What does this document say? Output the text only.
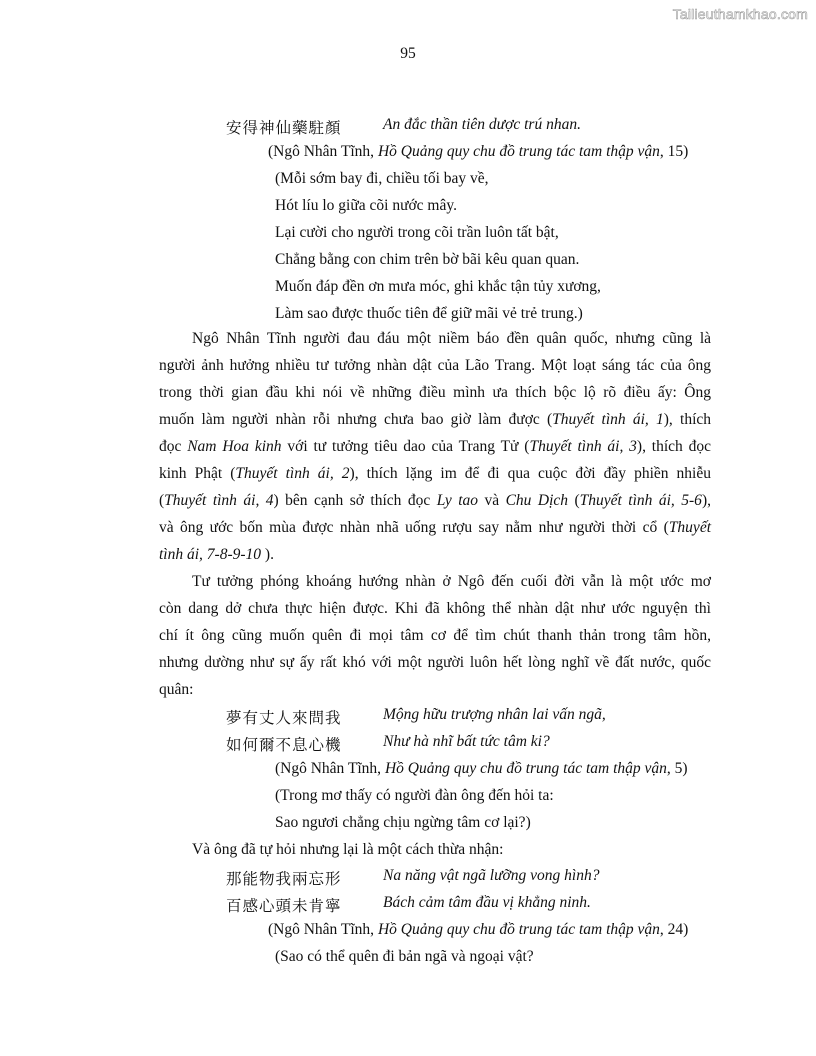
Tailieuthamkhao.com
95
安得神仙藥駐顏	An đắc thần tiên dược trú nhan.
(Ngô Nhân Tĩnh, Hồ Quảng quy chu đồ trung tác tam thập vận, 15)
(Mỗi sớm bay đi, chiều tối bay về,
Hót líu lo giữa cõi nước mây.
Lại cười cho người trong cõi trần luôn tất bật,
Chẳng bằng con chim trên bờ bãi kêu quan quan.
Muốn đáp đền ơn mưa móc, ghi khắc tận tủy xương,
Làm sao được thuốc tiên để giữ mãi vẻ trẻ trung.)
Ngô Nhân Tĩnh người đau đáu một niềm báo đền quân quốc, nhưng cũng là
người ảnh hưởng nhiều tư tưởng nhàn dật của Lão Trang. Một loạt sáng tác của ông
trong thời gian đầu khi nói về những điều mình ưa thích bộc lộ rõ điều ấy: Ông
muốn làm người nhàn rỗi nhưng chưa bao giờ làm được (Thuyết tình ái, 1), thích
đọc Nam Hoa kinh với tư tưởng tiêu dao của Trang Tử (Thuyết tình ái, 3), thích đọc
kinh Phật (Thuyết tình ái, 2), thích lặng im để đi qua cuộc đời đầy phiền nhiễu
(Thuyết tình ái, 4) bên cạnh sở thích đọc Ly tao và Chu Dịch (Thuyết tình ái, 5-6),
và ông ước bốn mùa được nhàn nhã uống rượu say nằm như người thời cổ (Thuyết
tình ái, 7-8-9-10 ).
Tư tưởng phóng khoáng hướng nhàn ở Ngô đến cuối đời vẫn là một ước mơ
còn dang dở chưa thực hiện được. Khi đã không thể nhàn dật như ước nguyện thì
chí ít ông cũng muốn quên đi mọi tâm cơ để tìm chút thanh thản trong tâm hồn,
nhưng dường như sự ấy rất khó với một người luôn hết lòng nghĩ về đất nước, quốc
quân:
夢有丈人來問我	Mộng hữu trượng nhân lai vấn ngã,
如何爾不息心機	Như hà nhĩ bất tức tâm ki?
(Ngô Nhân Tĩnh, Hồ Quảng quy chu đồ trung tác tam thập vận, 5)
(Trong mơ thấy có người đàn ông đến hỏi ta:
Sao ngươi chẳng chịu ngừng tâm cơ lại?)
Và ông đã tự hỏi nhưng lại là một cách thừa nhận:
那能物我兩忘形	Na năng vật ngã lưỡng vong hình?
百感心頭未肯寧	Bách cảm tâm đầu vị khẳng ninh.
(Ngô Nhân Tĩnh, Hồ Quảng quy chu đồ trung tác tam thập vận, 24)
(Sao có thể quên đi bản ngã và ngoại vật?
